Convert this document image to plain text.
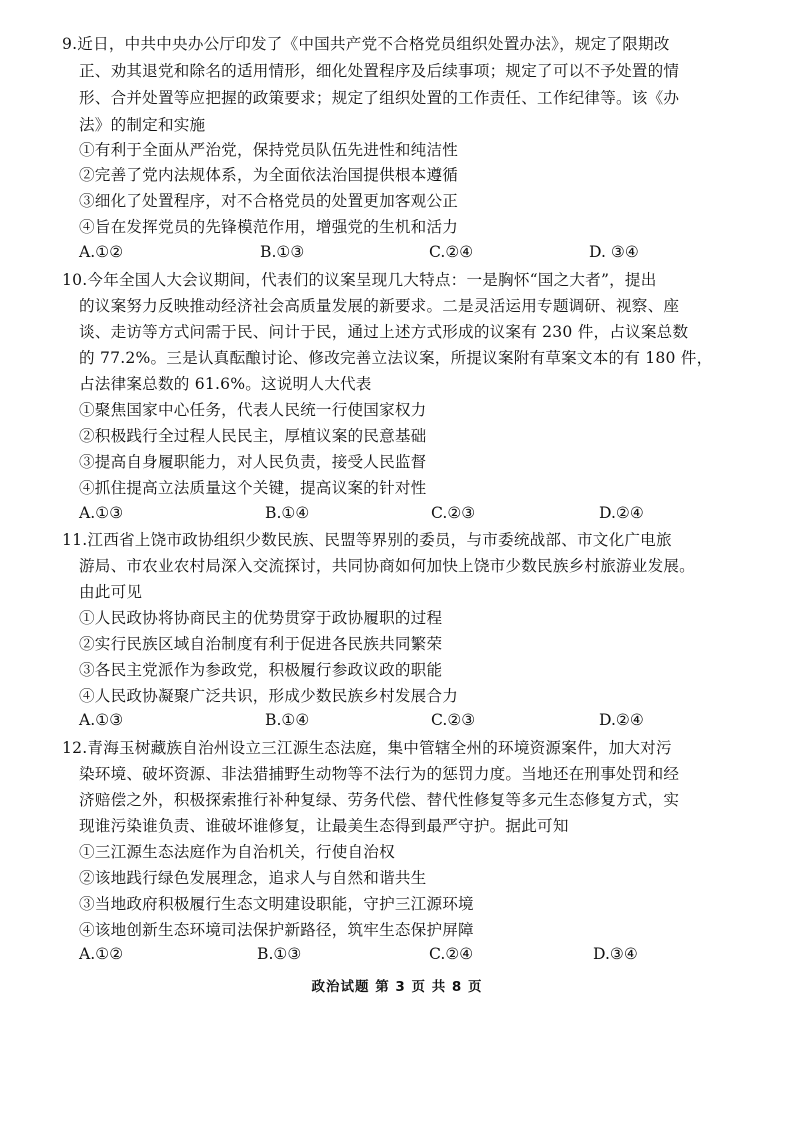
9.近日，中共中央办公厅印发了《中国共产党不合格党员组织处置办法》，规定了限期改
正、劝其退党和除名的适用情形，细化处置程序及后续事项；规定了可以不予处置的情
形、合并处置等应把握的政策要求；规定了组织处置的工作责任、工作纪律等。该《办
法》的制定和实施
①有利于全面从严治党，保持党员队伍先进性和纯洁性
②完善了党内法规体系，为全面依法治国提供根本遵循
③细化了处置程序，对不合格党员的处置更加客观公正
④旨在发挥党员的先锋模范作用，增强党的生机和活力
A.①②	B.①③	C.②④	D. ③④
10.今年全国人大会议期间，代表们的议案呈现几大特点：一是胸怀“国之大者”，提出
的议案努力反映推动经济社会高质量发展的新要求。二是灵活运用专题调研、视察、座
谈、走访等方式问需于民、问计于民，通过上述方式形成的议案有 230 件，占议案总数
的 77.2%。三是认真酝酿讨论、修改完善立法议案，所提议案附有草案文本的有 180 件，
占法律案总数的 61.6%。这说明人大代表
①聚焦国家中心任务，代表人民统一行使国家权力
②积极践行全过程人民民主，厚植议案的民意基础
③提高自身履职能力，对人民负责，接受人民监督
④抓住提高立法质量这个关键，提高议案的针对性
A.①③	B.①④	C.②③	D.②④
11.江西省上饶市政协组织少数民族、民盟等界别的委员，与市委统战部、市文化广电旅
游局、市农业农村局深入交流探讨，共同协商如何加快上饶市少数民族乡村旅游业发展。
由此可见
①人民政协将协商民主的优势贯穿于政协履职的过程
②实行民族区域自治制度有利于促进各民族共同繁荣
③各民主党派作为参政党，积极履行参政议政的职能
④人民政协凝聚广泛共识，形成少数民族乡村发展合力
A.①③	B.①④	C.②③	D.②④
12.青海玉树藏族自治州设立三江源生态法庭，集中管辖全州的环境资源案件，加大对污
染环境、破坏资源、非法猎捕野生动物等不法行为的惩罚力度。当地还在刑事处罚和经
济赔偿之外，积极探索推行补种复绿、劳务代偿、替代性修复等多元生态修复方式，实
现谁污染谁负责、谁破坏谁修复，让最美生态得到最严守护。据此可知
①三江源生态法庭作为自治机关，行使自治权
②该地践行绿色发展理念，追求人与自然和谐共生
③当地政府积极履行生态文明建设职能，守护三江源环境
④该地创新生态环境司法保护新路径，筑牢生态保护屏障
A.①②	B.①③	C.②④	D.③④
政治试题 第 3 页 共 8 页
